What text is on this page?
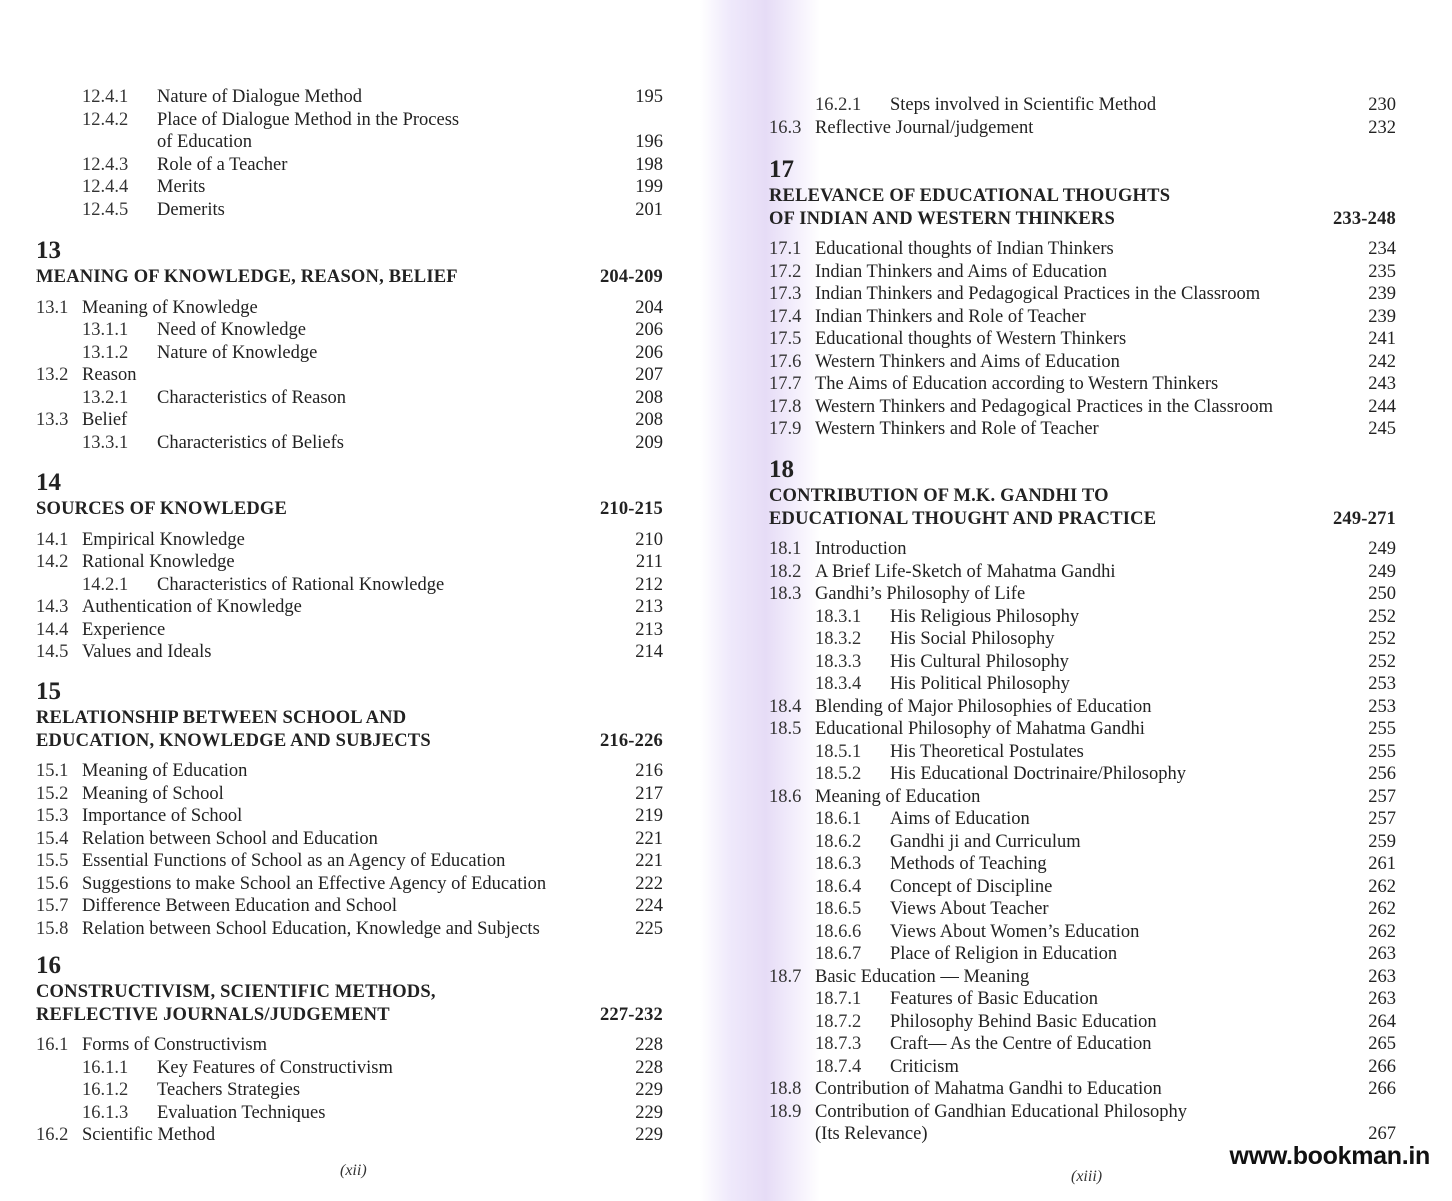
12.4.1 Nature of Dialogue Method	195
12.4.2 Place of Dialogue Method in the Process
of Education	196
12.4.3 Role of a Teacher	198
12.4.4 Merits	199
12.4.5 Demerits	201
13
MEANING OF KNOWLEDGE, REASON, BELIEF	204-209
13.1 Meaning of Knowledge	204
13.1.1 Need of Knowledge	206
13.1.2 Nature of Knowledge	206
13.2 Reason	207
13.2.1 Characteristics of Reason	208
13.3 Belief	208
13.3.1 Characteristics of Beliefs	209
14
SOURCES OF KNOWLEDGE	210-215
14.1 Empirical Knowledge	210
14.2 Rational Knowledge	211
14.2.1 Characteristics of Rational Knowledge	212
14.3 Authentication of Knowledge	213
14.4 Experience	213
14.5 Values and Ideals	214
15
RELATIONSHIP BETWEEN SCHOOL AND
EDUCATION, KNOWLEDGE AND SUBJECTS	216-226
15.1 Meaning of Education	216
15.2 Meaning of School	217
15.3 Importance of School	219
15.4 Relation between School and Education	221
15.5 Essential Functions of School as an Agency of Education	221
15.6 Suggestions to make School an Effective Agency of Education	222
15.7 Difference Between Education and School	224
15.8 Relation between School Education, Knowledge and Subjects	225
16
CONSTRUCTIVISM, SCIENTIFIC METHODS,
REFLECTIVE JOURNALS/JUDGEMENT	227-232
16.1 Forms of Constructivism	228
16.1.1 Key Features of Constructivism	228
16.1.2 Teachers Strategies	229
16.1.3 Evaluation Techniques	229
16.2 Scientific Method	229
(xii)
16.2.1 Steps involved in Scientific Method	230
16.3 Reflective Journal/judgement	232
17
RELEVANCE OF EDUCATIONAL THOUGHTS
OF INDIAN AND WESTERN THINKERS	233-248
17.1 Educational thoughts of Indian Thinkers	234
17.2 Indian Thinkers and Aims of Education	235
17.3 Indian Thinkers and Pedagogical Practices in the Classroom	239
17.4 Indian Thinkers and Role of Teacher	239
17.5 Educational thoughts of Western Thinkers	241
17.6 Western Thinkers and Aims of Education	242
17.7 The Aims of Education according to Western Thinkers	243
17.8 Western Thinkers and Pedagogical Practices in the Classroom	244
17.9 Western Thinkers and Role of Teacher	245
18
CONTRIBUTION OF M.K. GANDHI TO
EDUCATIONAL THOUGHT AND PRACTICE	249-271
18.1 Introduction	249
18.2 A Brief Life-Sketch of Mahatma Gandhi	249
18.3 Gandhi’s Philosophy of Life	250
18.3.1 His Religious Philosophy	252
18.3.2 His Social Philosophy	252
18.3.3 His Cultural Philosophy	252
18.3.4 His Political Philosophy	253
18.4 Blending of Major Philosophies of Education	253
18.5 Educational Philosophy of Mahatma Gandhi	255
18.5.1 His Theoretical Postulates	255
18.5.2 His Educational Doctrinaire/Philosophy	256
18.6 Meaning of Education	257
18.6.1 Aims of Education	257
18.6.2 Gandhi ji and Curriculum	259
18.6.3 Methods of Teaching	261
18.6.4 Concept of Discipline	262
18.6.5 Views About Teacher	262
18.6.6 Views About Women’s Education	262
18.6.7 Place of Religion in Education	263
18.7 Basic Education — Meaning	263
18.7.1 Features of Basic Education	263
18.7.2 Philosophy Behind Basic Education	264
18.7.3 Craft— As the Centre of Education	265
18.7.4 Criticism	266
18.8 Contribution of Mahatma Gandhi to Education	266
18.9 Contribution of Gandhian Educational Philosophy
(Its Relevance)	267
(xiii)
www.bookman.in
